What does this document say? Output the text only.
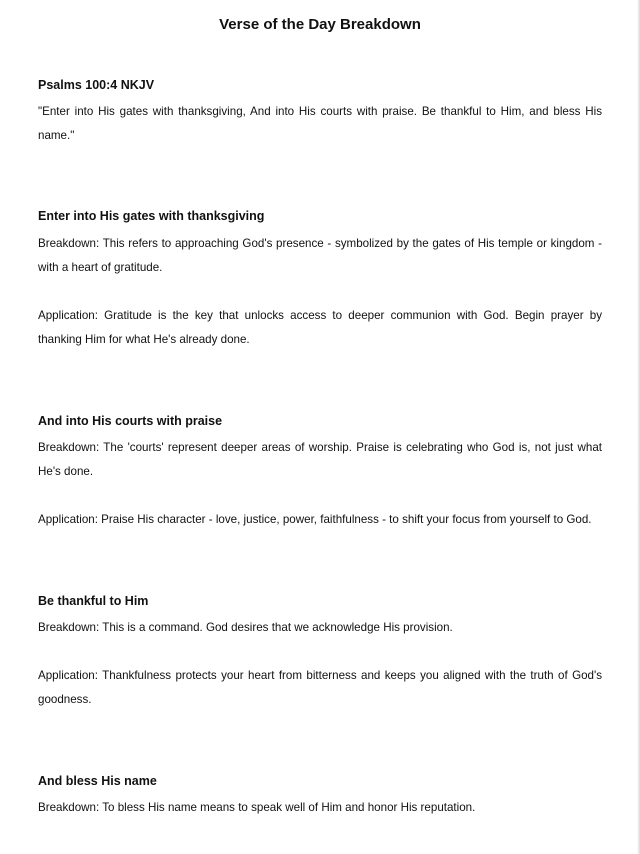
Verse of the Day Breakdown
Psalms 100:4 NKJV

"Enter into His gates with thanksgiving, And into His courts with praise. Be thankful to Him, and bless His name."

Enter into His gates with thanksgiving

Breakdown: This refers to approaching God's presence - symbolized by the gates of His temple or kingdom - with a heart of gratitude.

Application: Gratitude is the key that unlocks access to deeper communion with God. Begin prayer by thanking Him for what He's already done.

And into His courts with praise

Breakdown: The 'courts' represent deeper areas of worship. Praise is celebrating who God is, not just what He's done.

Application: Praise His character - love, justice, power, faithfulness - to shift your focus from yourself to God.

Be thankful to Him

Breakdown: This is a command. God desires that we acknowledge His provision.

Application: Thankfulness protects your heart from bitterness and keeps you aligned with the truth of God's goodness.

And bless His name

Breakdown: To bless His name means to speak well of Him and honor His reputation.
